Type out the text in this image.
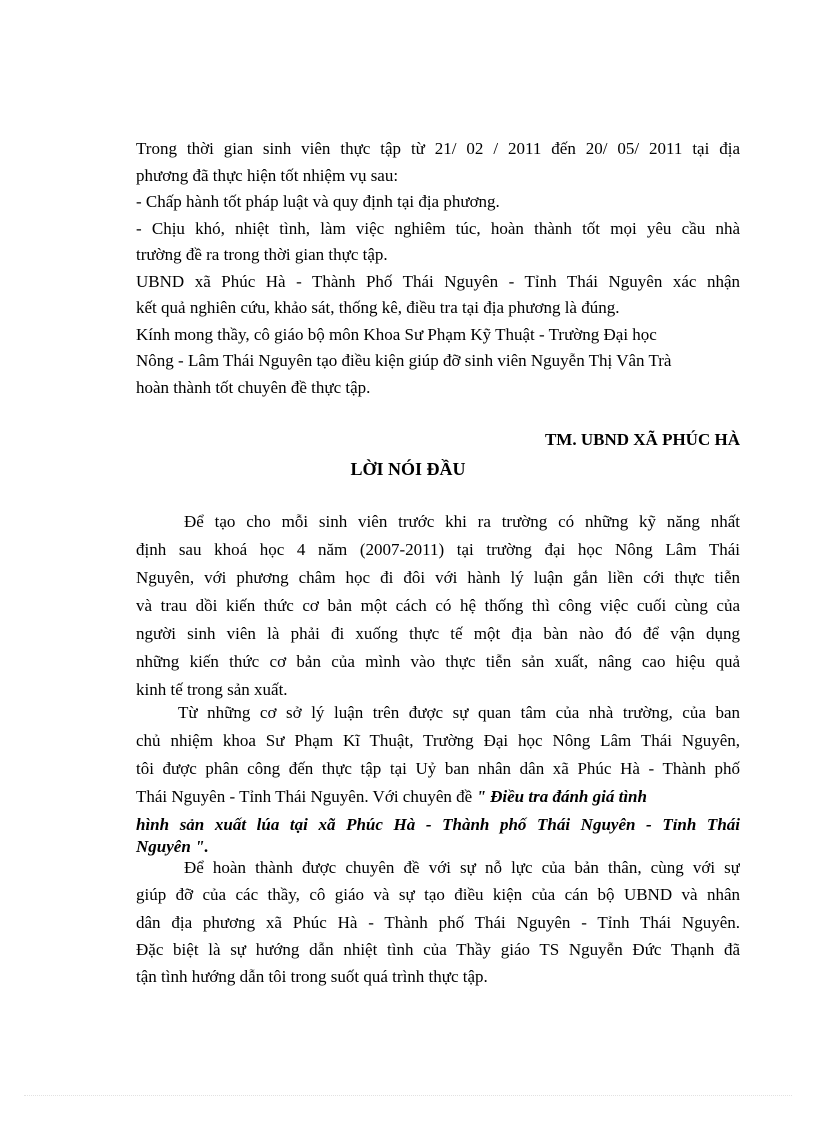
Trong thời gian sinh viên thực tập từ 21/ 02 / 2011 đến 20/ 05/ 2011 tại địa
phương đã thực hiện tốt nhiệm vụ sau:
- Chấp hành tốt pháp luật và quy định tại địa phương.
- Chịu khó, nhiệt tình, làm việc nghiêm túc, hoàn thành tốt mọi yêu cầu nhà
trường đề ra trong thời gian thực tập.
UBND xã Phúc Hà - Thành Phố Thái Nguyên - Tỉnh Thái Nguyên xác nhận
kết quả nghiên cứu, khảo sát, thống kê, điều tra tại địa phương là đúng.
Kính mong thầy, cô giáo bộ môn Khoa Sư Phạm Kỹ Thuật - Trường Đại học
Nông - Lâm Thái Nguyên tạo điều kiện giúp đỡ sinh viên Nguyễn Thị Vân Trà
hoàn thành tốt chuyên đề thực tập.
TM. UBND XÃ PHÚC HÀ
LỜI NÓI ĐẦU
Để tạo cho mỗi sinh viên trước khi ra trường có những kỹ năng nhất
định sau khoá học 4 năm (2007-2011) tại trường đại học Nông Lâm Thái
Nguyên, với phương châm học đi đôi với hành lý luận gắn liền cới thực tiễn
và trau dồi kiến thức cơ bản một cách có hệ thống thì công việc cuối cùng của
người sinh viên là phải đi xuống thực tế một địa bàn nào đó để vận dụng
những kiến thức cơ bản của mình vào thực tiễn sản xuất, nâng cao hiệu quả
kinh tế trong sản xuất.
Từ những cơ sở lý luận trên được sự quan tâm của nhà trường, của ban
chủ nhiệm khoa Sư Phạm Kĩ Thuật, Trường Đại học Nông Lâm Thái Nguyên,
tôi được phân công đến thực tập tại Uỷ ban nhân dân xã Phúc Hà - Thành phố
Thái Nguyên - Tỉnh Thái Nguyên. Với chuyên đề " Điều tra đánh giá tình
hình sản xuất lúa tại xã Phúc Hà - Thành phố Thái Nguyên - Tỉnh Thái
Nguyên ".
Để hoàn thành được chuyên đề với sự nỗ lực của bản thân, cùng với sự
giúp đỡ của các thầy, cô giáo và sự tạo điều kiện của cán bộ UBND và nhân
dân địa phương xã Phúc Hà - Thành phố Thái Nguyên - Tỉnh Thái Nguyên.
Đặc biệt là sự hướng dẫn nhiệt tình của Thầy giáo TS Nguyễn Đức Thạnh đã
tận tình hướng dẫn tôi trong suốt quá trình thực tập.
